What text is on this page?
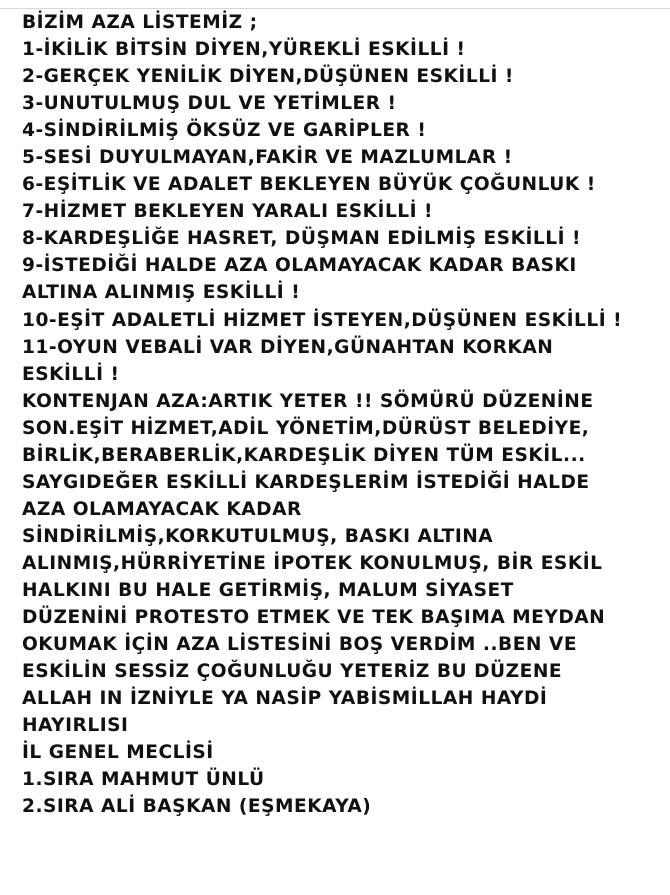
BİZİM AZA LİSTEMİZ ;
1-İKİLİK BİTSİN DİYEN,YÜREKLİ ESKİLLİ !
2-GERÇEK YENİLİK DİYEN,DÜŞÜNEN ESKİLLİ !
3-UNUTULMUŞ DUL VE YETİMLER !
4-SİNDİRİLMİŞ ÖKSÜZ VE GARİPLER !
5-SESİ DUYULMAYAN,FAKİR VE MAZLUMLAR !
6-EŞİTLİK VE ADALET BEKLEYEN BÜYÜK ÇOĞUNLUK !
7-HİZMET BEKLEYEN YARALI ESKİLLİ !
8-KARDEŞLİĞE HASRET, DÜŞMAN EDİLMİŞ ESKİLLİ !
9-İSTEDİĞİ HALDE AZA OLAMAYACAK KADAR BASKI
ALTINA ALINMIŞ ESKİLLİ !
10-EŞİT ADALETLİ HİZMET İSTEYEN,DÜŞÜNEN ESKİLLİ !
11-OYUN VEBALİ VAR DİYEN,GÜNAHTAN KORKAN
ESKİLLİ !
KONTENJAN AZA:ARTIK YETER !! SÖMÜRÜ DÜZENİNE
SON.EŞİT HİZMET,ADİL YÖNETİM,DÜRÜST BELEDİYE,
BİRLİK,BERABERLİK,KARDEŞLİK DİYEN TÜM ESKİL...
SAYGIDEĞER ESKİLLİ KARDEŞLERİM İSTEDİĞİ HALDE
AZA OLAMAYACAK KADAR
SİNDİRİLMİŞ,KORKUTULMUŞ, BASKI ALTINA
ALINMIŞ,HÜRRİYETİNE İPOTEK KONULMUŞ, BİR ESKİL
HALKINI BU HALE GETİRMİŞ, MALUM SİYASET
DÜZENİNİ PROTESTO ETMEK VE TEK BAŞIMA MEYDAN
OKUMAK İÇİN AZA LİSTESİNİ BOŞ VERDİM ..BEN VE
ESKİLİN SESSİZ ÇOĞUNLUĞU YETERİZ BU DÜZENE
ALLAH IN İZNİYLE YA NASİP YABİSMİLLAH HAYDİ
HAYIRLISI
İL GENEL MECLİSİ
1.SIRA MAHMUT ÜNLÜ
2.SIRA ALİ BAŞKAN (EŞMEKAYA)
